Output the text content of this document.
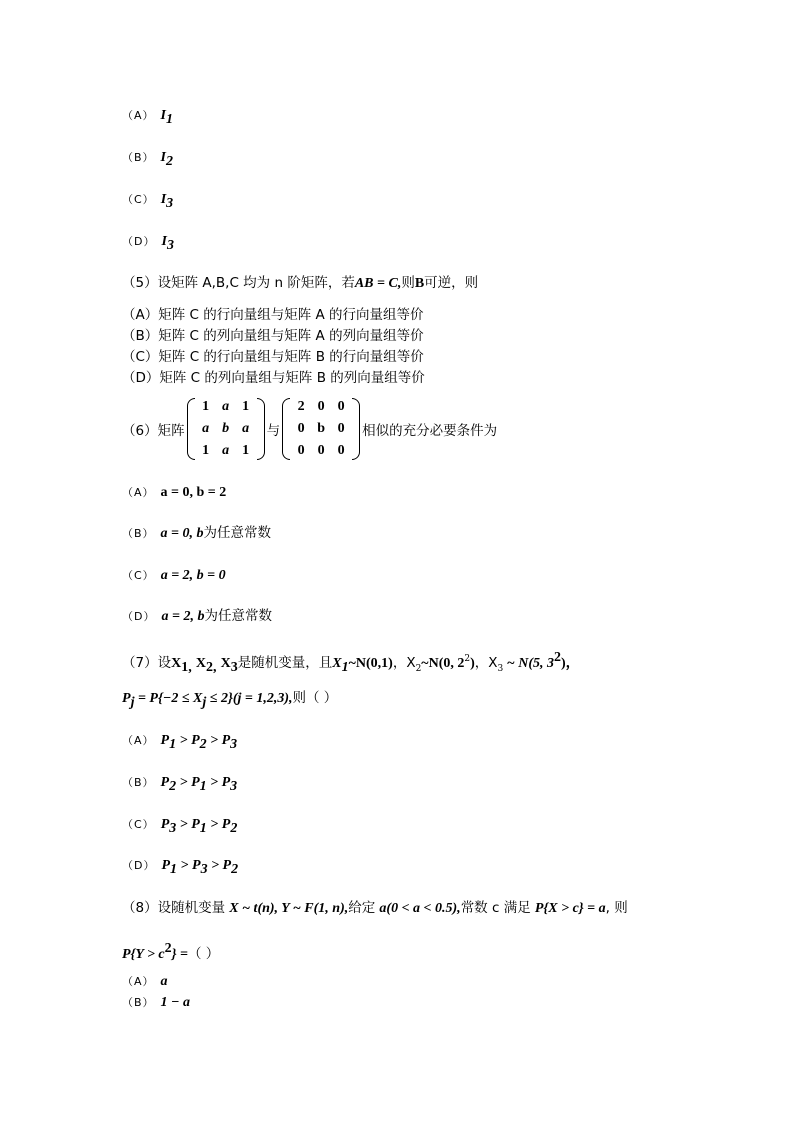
（A） $I_1$
（B） $I_2$
（C） $I_3$
（D） $I_3$
（5）设矩阵 A,B,C 均为 n 阶矩阵，若AB = C,则B可逆，则
（A）矩阵 C 的行向量组与矩阵 A 的行向量组等价
（B）矩阵 C 的列向量组与矩阵 A 的列向量组等价
（C）矩阵 C 的行向量组与矩阵 B 的行向量组等价
（D）矩阵 C 的列向量组与矩阵 B 的列向量组等价
（6）矩阵
1 a 1
a b a
1 a 1
与
2 0 0
0 b 0
0 0 0
相似的充分必要条件为
（A） a = 0, b = 2
（B） a = 0, b为任意常数
（C） a = 2, b = 0
（D） a = 2, b为任意常数
（7）设$X_{1,}$ $X_{2,}$ $X_3$是随机变量，且$X_1\sim N(0,1)$，$X_2\sim N(0$, $2^2$)，$X_3$ ~ N(5, $3^2$)，
$P_j = P\{-2 \le X_j \le 2\}(j = 1,2,3)$,则（ ）
（A） $P_1 > P_2 > P_3$
（B） $P_2 > P_1 > P_3$
（C） $P_3 > P_1 > P_2$
（D） $P_1 > P_3 > P_2$
（8）设随机变量 X ~ t(n), Y ~ F(1, n),给定 a(0 < a < 0.5),常数 c 满足 P{X > c} = a, 则
$P\{Y > c^2\}$ =（ ）
（A） a
（B） 1 − a
